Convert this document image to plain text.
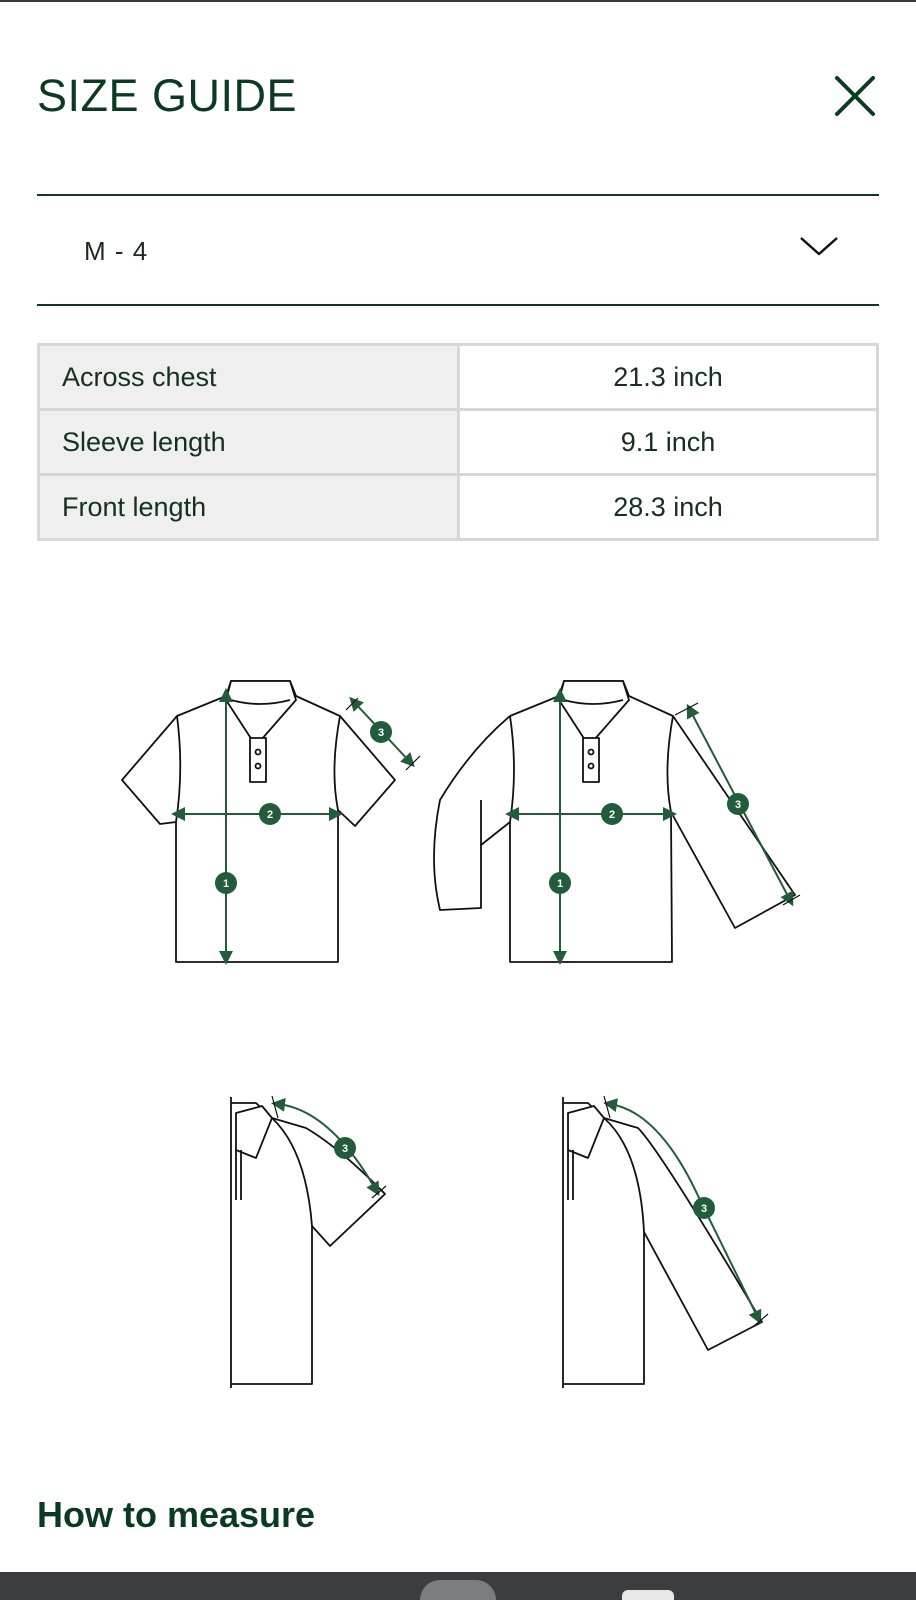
SIZE GUIDE
M - 4
Across chest	21.3 inch
Sleeve length	9.1 inch
Front length	28.3 inch
1
2
3
1
2
3
3
3
How to measure
